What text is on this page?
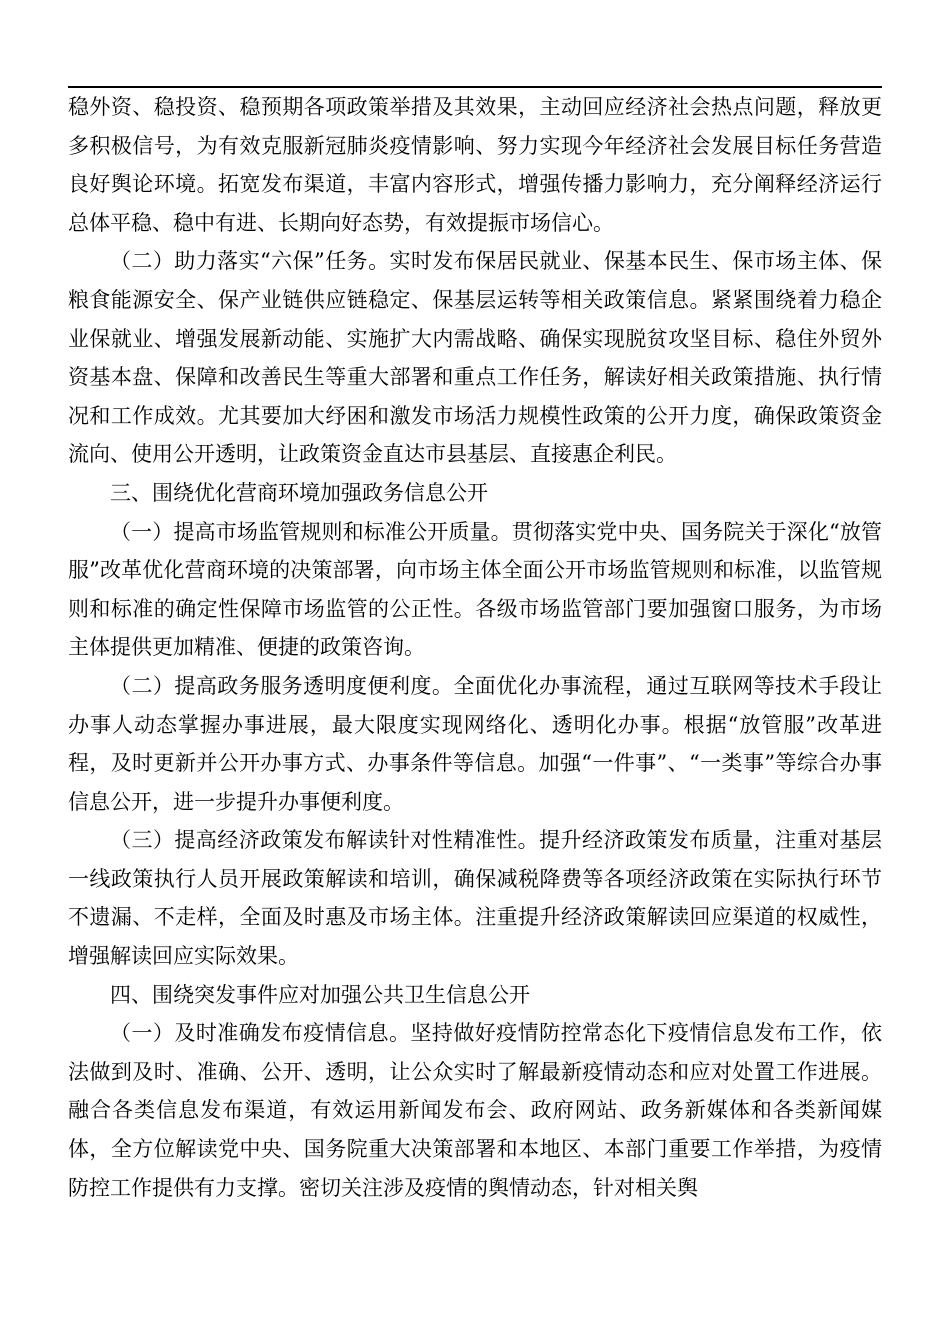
稳外资、稳投资、稳预期各项政策举措及其效果，主动回应经济社会热点问题，释放更多积极信号，为有效克服新冠肺炎疫情影响、努力实现今年经济社会发展目标任务营造良好舆论环境。拓宽发布渠道，丰富内容形式，增强传播力影响力，充分阐释经济运行总体平稳、稳中有进、长期向好态势，有效提振市场信心。

（二）助力落实“六保”任务。实时发布保居民就业、保基本民生、保市场主体、保粮食能源安全、保产业链供应链稳定、保基层运转等相关政策信息。紧紧围绕着力稳企业保就业、增强发展新动能、实施扩大内需战略、确保实现脱贫攻坚目标、稳住外贸外资基本盘、保障和改善民生等重大部署和重点工作任务，解读好相关政策措施、执行情况和工作成效。尤其要加大纾困和激发市场活力规模性政策的公开力度，确保政策资金流向、使用公开透明，让政策资金直达市县基层、直接惠企利民。

三、围绕优化营商环境加强政务信息公开

（一）提高市场监管规则和标准公开质量。贯彻落实党中央、国务院关于深化“放管服”改革优化营商环境的决策部署，向市场主体全面公开市场监管规则和标准，以监管规则和标准的确定性保障市场监管的公正性。各级市场监管部门要加强窗口服务，为市场主体提供更加精准、便捷的政策咨询。

（二）提高政务服务透明度便利度。全面优化办事流程，通过互联网等技术手段让办事人动态掌握办事进展，最大限度实现网络化、透明化办事。根据“放管服”改革进程，及时更新并公开办事方式、办事条件等信息。加强“一件事”、“一类事”等综合办事信息公开，进一步提升办事便利度。

（三）提高经济政策发布解读针对性精准性。提升经济政策发布质量，注重对基层一线政策执行人员开展政策解读和培训，确保减税降费等各项经济政策在实际执行环节不遗漏、不走样，全面及时惠及市场主体。注重提升经济政策解读回应渠道的权威性，增强解读回应实际效果。

四、围绕突发事件应对加强公共卫生信息公开

（一）及时准确发布疫情信息。坚持做好疫情防控常态化下疫情信息发布工作，依法做到及时、准确、公开、透明，让公众实时了解最新疫情动态和应对处置工作进展。融合各类信息发布渠道，有效运用新闻发布会、政府网站、政务新媒体和各类新闻媒体，全方位解读党中央、国务院重大决策部署和本地区、本部门重要工作举措，为疫情防控工作提供有力支撑。密切关注涉及疫情的舆情动态，针对相关舆
